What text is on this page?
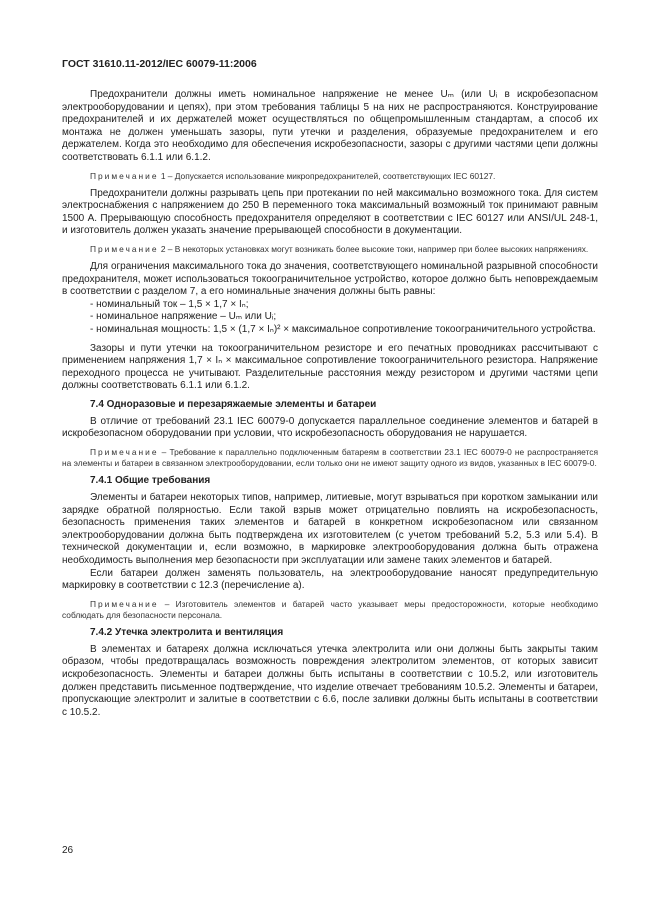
ГОСТ 31610.11-2012/IEC 60079-11:2006

Предохранители должны иметь номинальное напряжение не менее Uₘ (или Uᵢ в искробезопасном электрооборудовании и цепях), при этом требования таблицы 5 на них не распространяются. Конструирование предохранителей и их держателей может осуществляться по общепромышленным стандартам, а способ их монтажа не должен уменьшать зазоры, пути утечки и разделения, образуемые предохранителем и его держателем. Когда это необходимо для обеспечения искробезопасности, зазоры с другими частями цепи должны соответствовать 6.1.1 или 6.1.2.

Примечание 1 – Допускается использование микропредохранителей, соответствующих IEC 60127.

Предохранители должны разрывать цепь при протекании по ней максимально возможного тока. Для систем электроснабжения с напряжением до 250 В переменного тока максимальный возможный ток принимают равным 1500 А. Прерывающую способность предохранителя определяют в соответствии с IEC 60127 или ANSI/UL 248-1, и изготовитель должен указать значение прерывающей способности в документации.

Примечание 2 – В некоторых установках могут возникать более высокие токи, например при более высоких напряжениях.

Для ограничения максимального тока до значения, соответствующего номинальной разрывной способности предохранителя, может использоваться токоограничительное устройство, которое должно быть неповреждаемым в соответствии с разделом 7, а его номинальные значения должны быть равны:

- номинальный ток – 1,5 × 1,7 × Iₙ;

- номинальное напряжение – Uₘ или Uᵢ;

- номинальная мощность: 1,5 × (1,7 × Iₙ)² × максимальное сопротивление токоограничительного устройства.

Зазоры и пути утечки на токоограничительном резисторе и его печатных проводниках рассчитывают с применением напряжения 1,7 × Iₙ × максимальное сопротивление токоограничительного резистора. Напряжение переходного процесса не учитывают. Разделительные расстояния между резистором и другими частями цепи должны соответствовать 6.1.1 или 6.1.2.

7.4 Одноразовые и перезаряжаемые элементы и батареи

В отличие от требований 23.1 IEC 60079-0 допускается параллельное соединение элементов и батарей в искробезопасном оборудовании при условии, что искробезопасность оборудования не нарушается.

Примечание – Требование к параллельно подключенным батареям в соответствии 23.1 IEC 60079-0 не распространяется на элементы и батареи в связанном электрооборудовании, если только они не имеют защиту одного из видов, указанных в IEC 60079-0.

7.4.1 Общие требования

Элементы и батареи некоторых типов, например, литиевые, могут взрываться при коротком замыкании или зарядке обратной полярностью. Если такой взрыв может отрицательно повлиять на искробезопасность, безопасность применения таких элементов и батарей в конкретном искробезопасном или связанном электрооборудовании должна быть подтверждена их изготовителем (с учетом требований 5.2, 5.3 или 5.4). В технической документации и, если возможно, в маркировке электрооборудования должна быть отражена необходимость выполнения мер безопасности при эксплуатации или замене таких элементов и батарей.

Если батареи должен заменять пользователь, на электрооборудование наносят предупредительную маркировку в соответствии с 12.3 (перечисление а).

Примечание – Изготовитель элементов и батарей часто указывает меры предосторожности, которые необходимо соблюдать для безопасности персонала.

7.4.2 Утечка электролита и вентиляция

В элементах и батареях должна исключаться утечка электролита или они должны быть закрыты таким образом, чтобы предотвращалась возможность повреждения электролитом элементов, от которых зависит искробезопасность. Элементы и батареи должны быть испытаны в соответствии с 10.5.2, или изготовитель должен представить письменное подтверждение, что изделие отвечает требованиям 10.5.2. Элементы и батареи, пропускающие электролит и залитые в соответствии с 6.6, после заливки должны быть испытаны в соответствии с 10.5.2.

26
